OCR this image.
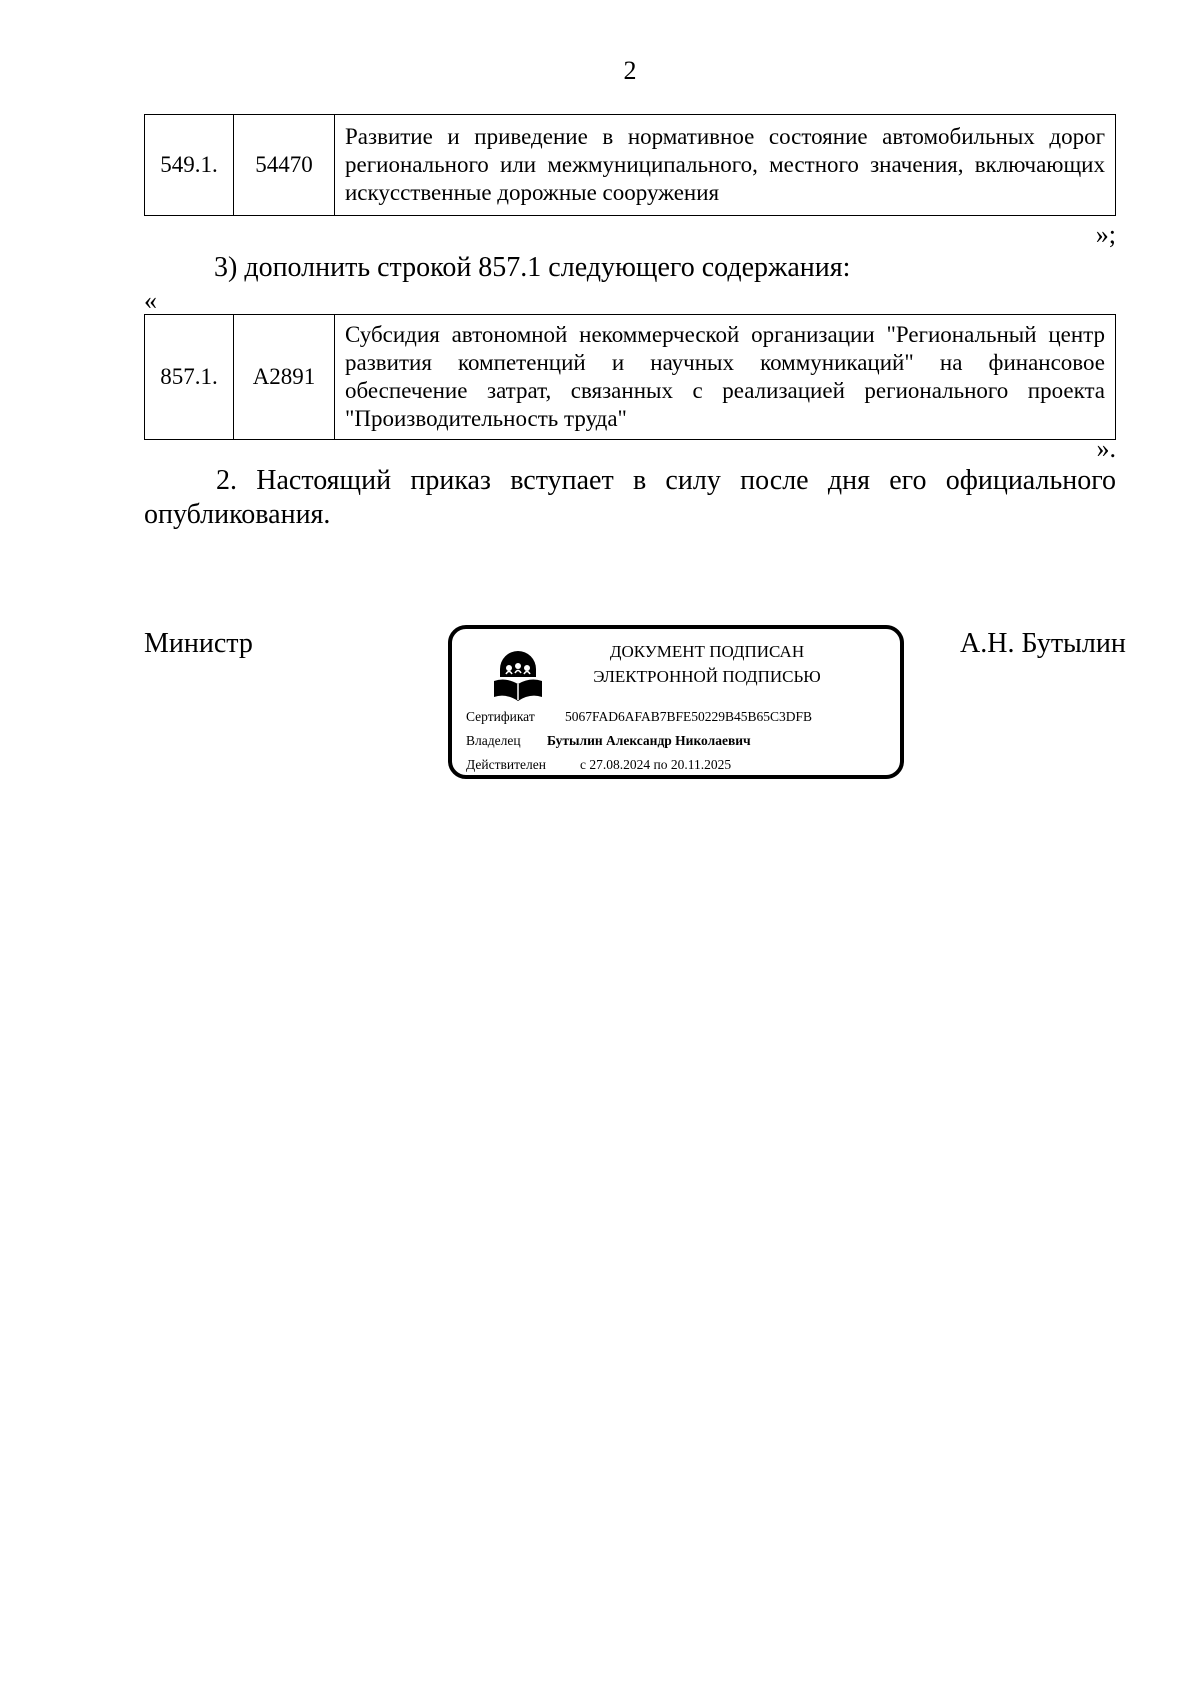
2
549.1.	54470	Развитие и приведение в нормативное состояние автомобильных дорог регионального или межмуниципального, местного значения, включающих искусственные дорожные сооружения
»;
3) дополнить строкой 857.1 следующего содержания:
«
857.1.	A2891	Субсидия автономной некоммерческой организации "Региональный центр развития компетенций и научных коммуникаций" на финансовое обеспечение затрат, связанных с реализацией регионального проекта "Производительность труда"
».
2. Настоящий приказ вступает в силу после дня его официального опубликования.
Министр	ДОКУМЕНТ ПОДПИСАН
ЭЛЕКТРОННОЙ ПОДПИСЬЮ
Сертификат 5067FAD6AFAB7BFE50229B45B65C3DFB
Владелец Бутылин Александр Николаевич
Действителен	с 27.08.2024 по 20.11.2025
А.Н. Бутылин
